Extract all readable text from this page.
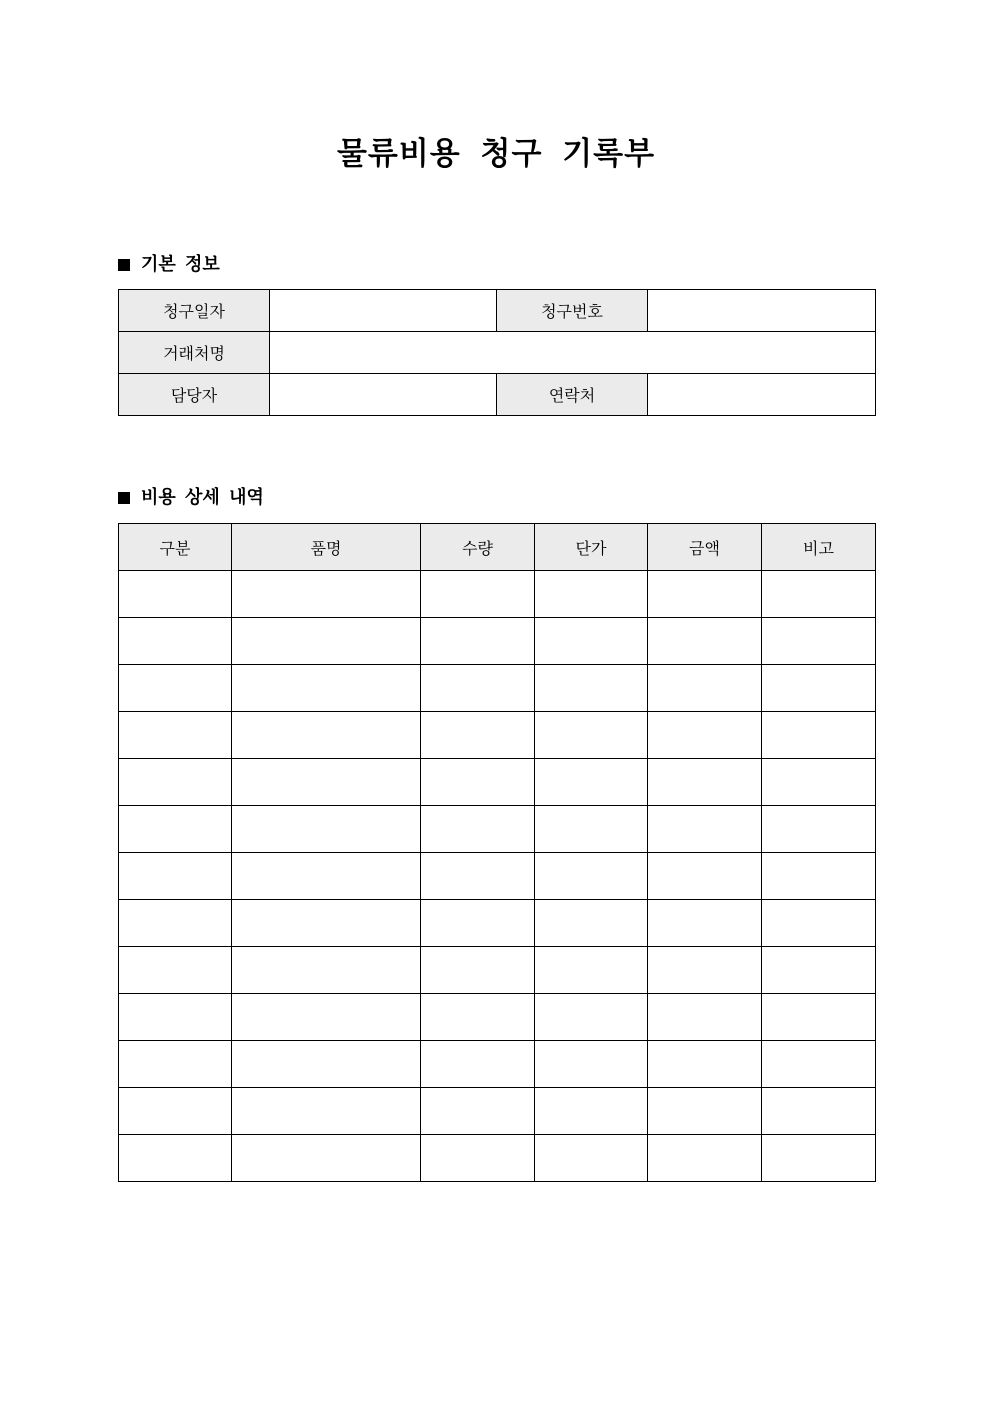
물류비용 청구 기록부
기본 정보
청구일자		청구번호	
거래처명			
담당자		연락처	
비용 상세 내역
구분	품명	수량	단가	금액	비고
